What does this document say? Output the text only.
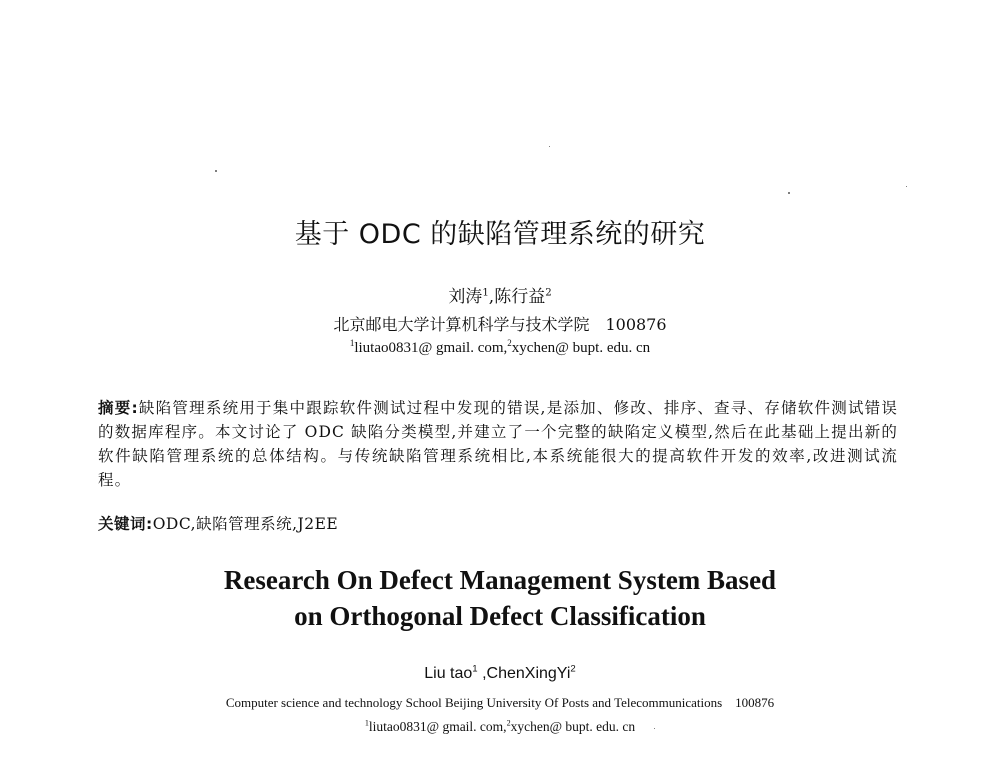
基于 ODC 的缺陷管理系统的研究
刘涛$^1$,陈行益$^2$
北京邮电大学计算机科学与技术学院　100876
$^1$liutao0831@ gmail. com,$^2$xychen@ bupt. edu. cn
摘要:缺陷管理系统用于集中跟踪软件测试过程中发现的错误,是添加、修改、排序、查寻、存储软件测试错误的数据库程序。本文讨论了 ODC 缺陷分类模型,并建立了一个完整的缺陷定义模型,然后在此基础上提出新的软件缺陷管理系统的总体结构。与传统缺陷管理系统相比,本系统能很大的提高软件开发的效率,改进测试流程。
关键词:ODC,缺陷管理系统,J2EE
Research On Defect Management System Based
on Orthogonal Defect Classification
Liu tao$^1$ ,ChenXingYi$^2$
Computer science and technology School Beijing University Of Posts and Telecommunications　100876
$^1$liutao0831@ gmail. com,$^2$xychen@ bupt. edu. cn
